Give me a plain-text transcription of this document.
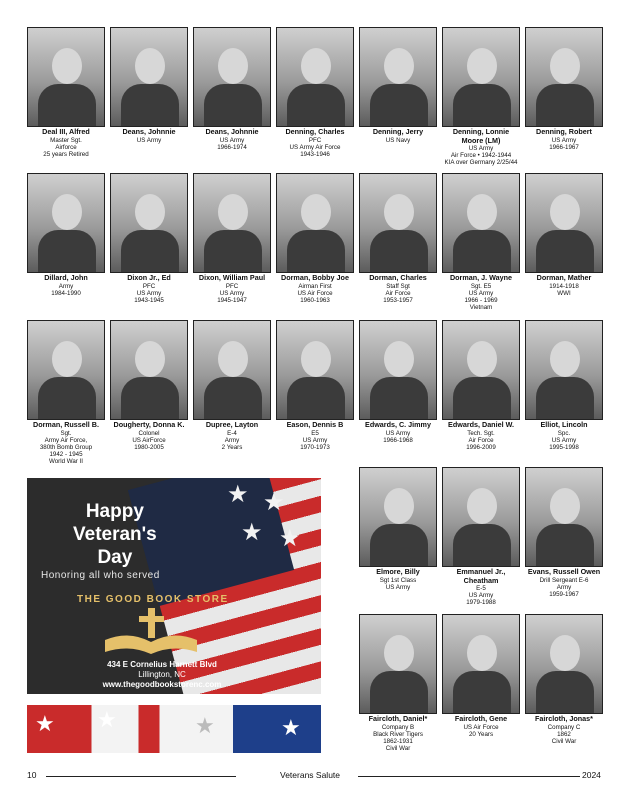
Deal III, Alfred
Master Sgt.
Airforce
25 years Retired
Deans, Johnnie
US Army
Deans, Johnnie
US Army
1966-1974
Denning, Charles
PFC
US Army Air Force
1943-1946
Denning, Jerry
US Navy
Denning, Lonnie Moore (LM)
US Army
Air Force • 1942-1944
KIA over Germany 2/25/44
Denning, Robert
US Army
1966-1967
Dillard, John
Army
1984-1990
Dixon Jr., Ed
PFC
US Army
1943-1945
Dixon, William Paul
PFC
US Army
1945-1947
Dorman, Bobby Joe
Airman First
US Air Force
1960-1963
Dorman, Charles
Staff Sgt
Air Force
1953-1957
Dorman, J. Wayne
Sgt. E5
US Army
1966 - 1969
Vietnam
Dorman, Mather
1914-1918
WWI
Dorman, Russell B.
Sgt.
Army Air Force,
380th Bomb Group
1942 - 1945
World War II
Dougherty, Donna K.
Colonel
US AirForce
1980-2005
Dupree, Layton
E-4
Army
2 Years
Eason, Dennis B
E5
US Army
1970-1973
Edwards, C. Jimmy
US Army
1966-1968
Edwards, Daniel W.
Tech. Sgt.
Air Force
1996-2009
Elliot, Lincoln
Spc.
US Army
1995-1998
Elmore, Billy
Sgt 1st Class
US Army
Emmanuel Jr., Cheatham
E-5
US Army
1979-1988
Evans, Russell Owen
Drill Sergeant E-6
Army
1959-1967
Faircloth, Daniel*
Company B
Black River Tigers
1862-1931
Civil War
Faircloth, Gene
US Air Force
20 Years
Faircloth, Jonas*
Company C
1862
Civil War
★ ★
★ ★
Happy
Veteran's
Day
Honoring all who served
THE GOOD BOOK STORE
434 E Cornelius Harnett Blvd
Lillington, NC
www.thegoodbookstorenc.com
★ ★	★	★
10	Veterans Salute	2024
